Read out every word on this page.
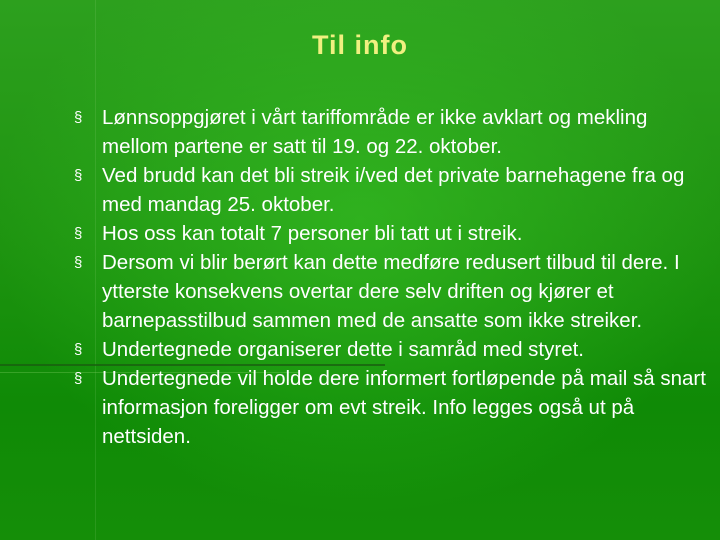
Til info
§ Lønnsoppgjøret i vårt tariffområde er ikke avklart og mekling mellom partene er satt til 19. og 22. oktober.
§ Ved brudd kan det bli streik i/ved det private barnehagene fra og med mandag 25. oktober.
§ Hos oss kan totalt 7 personer bli tatt ut i streik.
§ Dersom vi blir berørt kan dette medføre redusert tilbud til dere. I ytterste konsekvens overtar dere selv driften og kjører et barnepasstilbud sammen med de ansatte som ikke streiker.
§ Undertegnede organiserer dette i samråd med styret.
§ Undertegnede vil holde dere informert fortløpende på mail så snart informasjon foreligger om evt streik. Info legges også ut på nettsiden.
